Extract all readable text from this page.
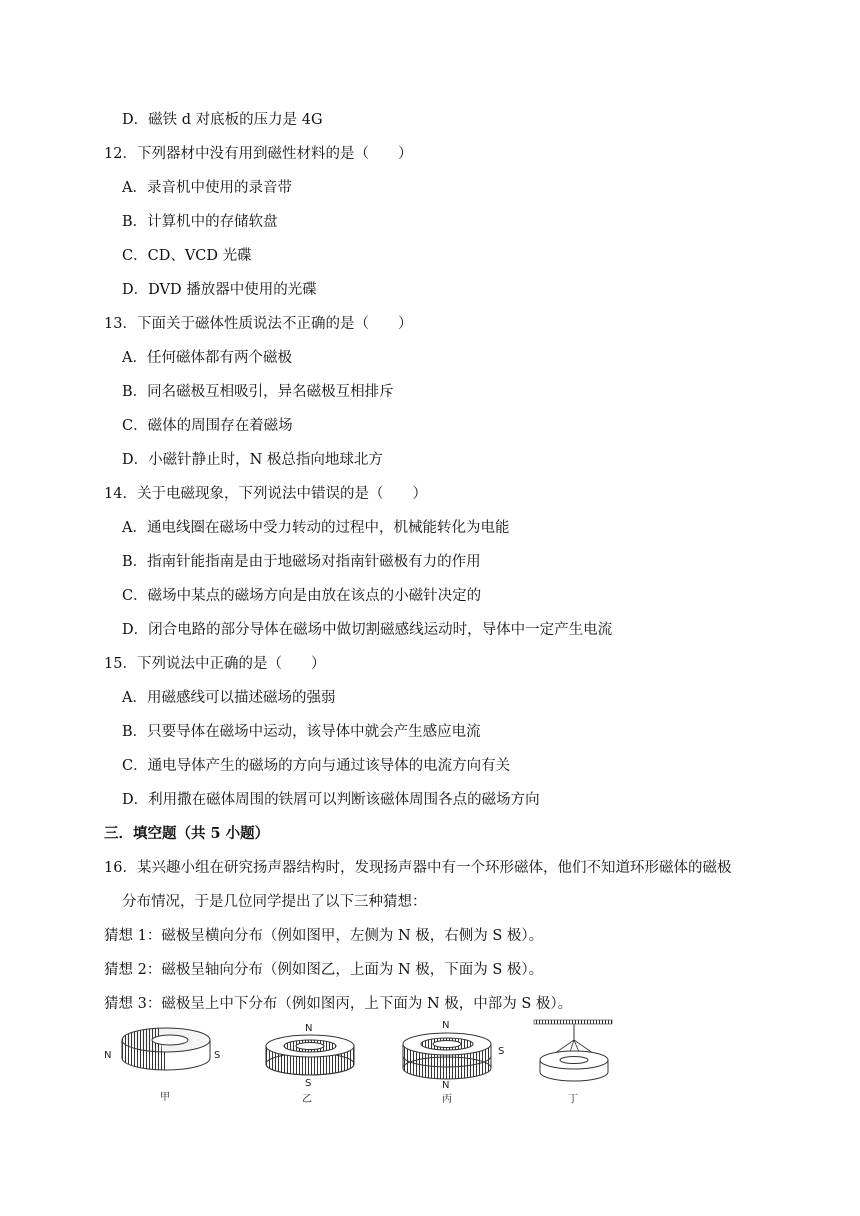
D．磁铁 d 对底板的压力是 4G
12．下列器材中没有用到磁性材料的是（　　）
A．录音机中使用的录音带
B．计算机中的存储软盘
C．CD、VCD 光碟
D．DVD 播放器中使用的光碟
13．下面关于磁体性质说法不正确的是（　　）
A．任何磁体都有两个磁极
B．同名磁极互相吸引，异名磁极互相排斥
C．磁体的周围存在着磁场
D．小磁针静止时，N 极总指向地球北方
14．关于电磁现象，下列说法中错误的是（　　）
A．通电线圈在磁场中受力转动的过程中，机械能转化为电能
B．指南针能指南是由于地磁场对指南针磁极有力的作用
C．磁场中某点的磁场方向是由放在该点的小磁针决定的
D．闭合电路的部分导体在磁场中做切割磁感线运动时，导体中一定产生电流
15．下列说法中正确的是（　　）
A．用磁感线可以描述磁场的强弱
B．只要导体在磁场中运动，该导体中就会产生感应电流
C．通电导体产生的磁场的方向与通过该导体的电流方向有关
D．利用撒在磁体周围的铁屑可以判断该磁体周围各点的磁场方向
三．填空题（共 5 小题）
16．某兴趣小组在研究扬声器结构时，发现扬声器中有一个环形磁体，他们不知道环形磁体的磁极
分布情况，于是几位同学提出了以下三种猜想：
猜想 1：磁极呈横向分布（例如图甲，左侧为 N 极，右侧为 S 极）。
猜想 2：磁极呈轴向分布（例如图乙，上面为 N 极，下面为 S 极）。
猜想 3：磁极呈上中下分布（例如图丙，上下面为 N 极，中部为 S 极）。
N	S
甲
N
S
乙
N
S
N
丙	丁
